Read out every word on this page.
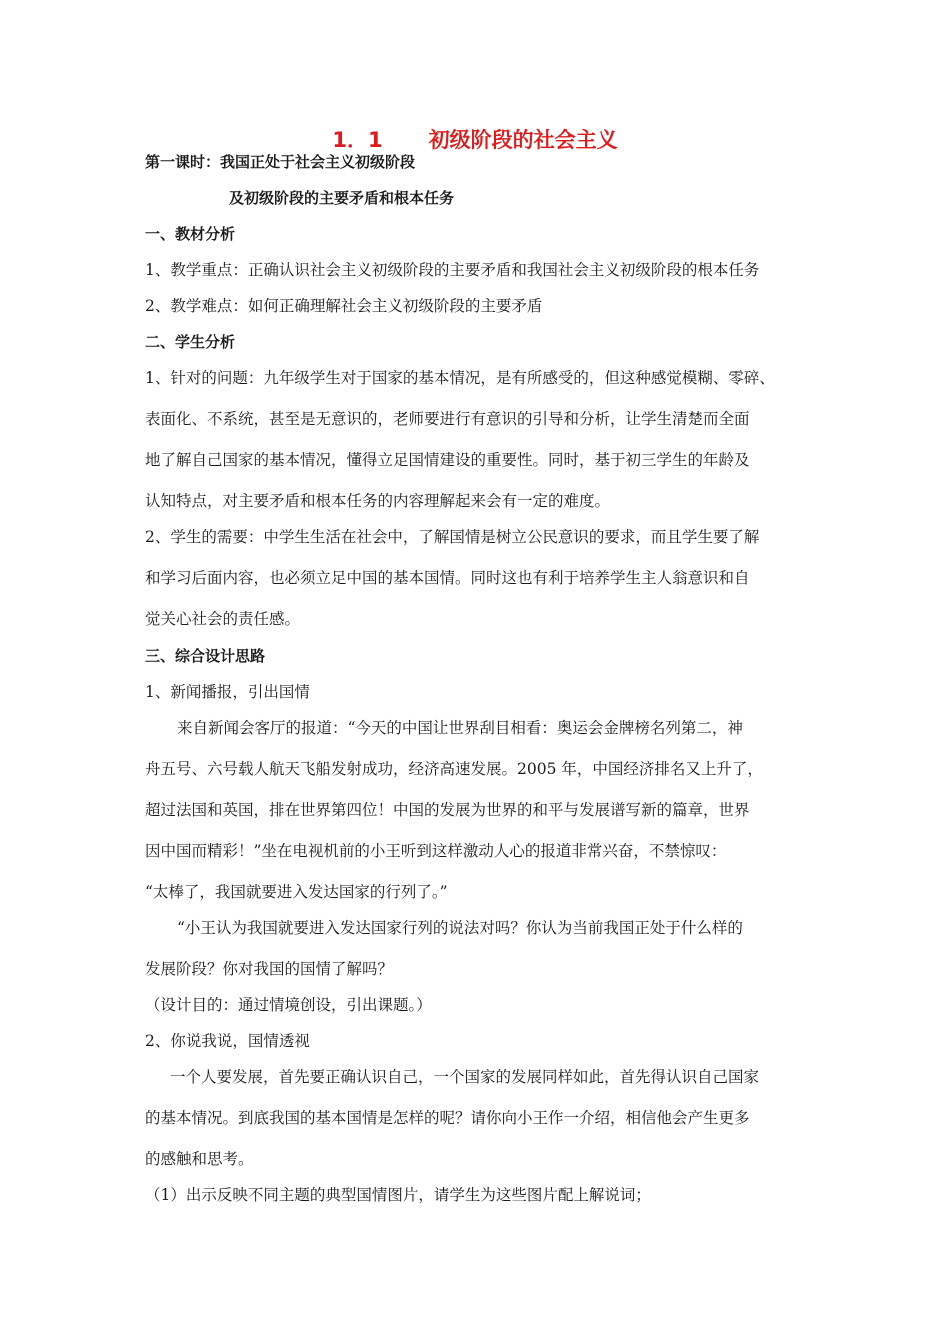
1．1 初级阶段的社会主义
第一课时：我国正处于社会主义初级阶段
及初级阶段的主要矛盾和根本任务
一、教材分析
1、教学重点：正确认识社会主义初级阶段的主要矛盾和我国社会主义初级阶段的根本任务
2、教学难点：如何正确理解社会主义初级阶段的主要矛盾
二、学生分析
1、针对的问题：九年级学生对于国家的基本情况，是有所感受的，但这种感觉模糊、零碎、
表面化、不系统，甚至是无意识的，老师要进行有意识的引导和分析，让学生清楚而全面
地了解自己国家的基本情况，懂得立足国情建设的重要性。同时，基于初三学生的年龄及
认知特点，对主要矛盾和根本任务的内容理解起来会有一定的难度。
2、学生的需要：中学生生活在社会中，了解国情是树立公民意识的要求，而且学生要了解
和学习后面内容，也必须立足中国的基本国情。同时这也有利于培养学生主人翁意识和自
觉关心社会的责任感。
三、综合设计思路
1、新闻播报，引出国情
来自新闻会客厅的报道：“今天的中国让世界刮目相看：奥运会金牌榜名列第二，神
舟五号、六号载人航天飞船发射成功，经济高速发展。2005 年，中国经济排名又上升了，
超过法国和英国，排在世界第四位！中国的发展为世界的和平与发展谱写新的篇章，世界
因中国而精彩！”坐在电视机前的小王听到这样激动人心的报道非常兴奋，不禁惊叹：
“太棒了，我国就要进入发达国家的行列了。”
“小王认为我国就要进入发达国家行列的说法对吗？你认为当前我国正处于什么样的
发展阶段？你对我国的国情了解吗？
（设计目的：通过情境创设，引出课题。）
2、你说我说，国情透视
一个人要发展，首先要正确认识自己，一个国家的发展同样如此，首先得认识自己国家
的基本情况。到底我国的基本国情是怎样的呢？请你向小王作一介绍，相信他会产生更多
的感触和思考。
（1）出示反映不同主题的典型国情图片，请学生为这些图片配上解说词；
